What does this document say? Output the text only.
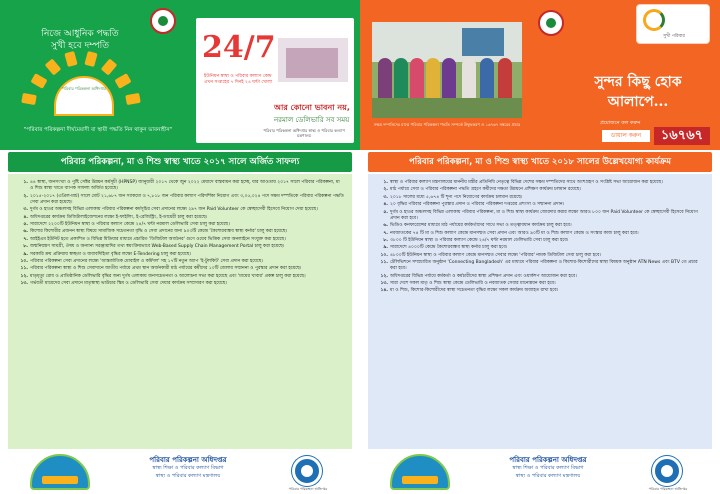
নিজে আধুনিক পদ্ধতি
সুখী হবে দম্পতি
পরিবার পরিকল্পনা অধিদপ্তর
"পরিবার পরিকল্পনা দীর্ঘমেয়াদী বা স্থায়ী পদ্ধতি নিন থাকুন ভাবনাহীন"
24/7
ইউনিয়ন স্বাস্থ্য ও পরিবার কল্যাণ কেন্দ্র এখন সপ্তাহের ৭ দিনই ২৪ ঘন্টা খোলা
আর কোনো ভাবনা নয়,
নরমাল ডেলিভারি সব সময়
পরিবার পরিকল্পনা অধিদপ্তর স্বাস্থ্য ও পরিবার কল্যাণ মন্ত্রণালয়
পরিবার পরিকল্পনা, মা ও শিশু স্বাস্থ্য খাতে ২০১৭ সালে অর্জিত সাফল্য
১. ৪৪ স্বাস্থ্য, জনসংখ্যা ও পুষ্টি সেক্টর উন্নয়ন কর্মসূচী (HPNSP) জানুয়ারী ২০১৭ থেকে জুন ২০২২ মেয়াদে বাস্তবায়ন করা হচ্ছে, যার আওতায় ২০১৭ সালে পরিবার পরিকল্পনা, মা ও শিশু স্বাস্থ্য খাতে ব্যাপক সাফল্য অর্জিত হয়েছে।
২. ২০১৫-২০১৭ (এপ্রিল-মার্চ) সালে মোট ২১,৬৮৭ জন স্যাকমো ও ৭,৮১৮ জন পরিবার কল্যাণ পরিদর্শিকা নিয়োগ এবং ৩,০৫,০২৪ পদে সক্ষম দম্পতিকে পরিবার পরিকল্পনা পদ্ধতি সেবা প্রদান করা হয়েছে।
৩. দুর্গম ও হাওর অঞ্চলসহ বিভিন্ন এলাকায় পরিবার পরিকল্পনা কর্মসূচির সেবা প্রদানের লক্ষ্যে ২৯৭ জন Paid Volunteer কে স্বেচ্ছাসেবী হিসেবে নিয়োগ দেয়া হয়েছে।
৪. অধিদপ্তরের কার্যক্রম ডিজিটালাইজেশনের লক্ষ্যে ই-ফাইলিং, ই-রেজিস্ট্রিং, ই-ডায়েরী চালু করা হয়েছে।
৫. সারাদেশে ২২০০টি ইউনিয়ন স্বাস্থ্য ও পরিবার কল্যাণ কেন্দ্রে ২৪/৭ ঘন্টা নরমাল ডেলিভারি সেবা চালু করা হয়েছে।
৬. কিশোর কিশোরীর প্রজনন স্বাস্থ্য বিষয়ে সামাজিক সচেতনতা বৃদ্ধি ও সেবা প্রদানের জন্য ৯০৩টি কেন্দ্রে 'কৈশোরবান্ধব স্বাস্থ্য কর্নার' চালু করা হয়েছে।
৭. আইইএম ইউনিট হতে প্রকাশিত ও বিভিন্ন মিডিয়ার মাধ্যমে প্রচারিত 'ডিজিটাল অর্জনের' গুণে ওয়েব ভিত্তিক সেবা অনলাইনে সংযুক্ত করা হয়েছে।
৮. জন্মনিয়ন্ত্রণ সামগ্রী, ঔষধ ও অন্যান্য সরঞ্জামাদির তথ্য স্বয়ংক্রিয়ভাবে Web-Based Supply Chain Management Portal চালু করা হয়েছে।
৯. সরকারি ক্রয় প্রক্রিয়ায় স্বচ্ছতা ও জবাবদিহিতা বৃদ্ধির লক্ষ্যে E-Tendering চালু করা হয়েছে।
১০. পরিবার পরিকল্পনা সেবা প্রদানের লক্ষ্যে 'আন্তর্জাতিক মোবাইল ও কর্মিদল' সহ ১৭টি নতুন অ্যাপ 'ই-টুলকিট' সেবা প্রদান করা হয়েছে।
১১. পরিবার পরিকল্পনা স্বাস্থ্য ও শিশু সেবাদানে জাতীয় পর্যায়ে প্রথম স্থান অর্জনকারী মাঠ পর্যায়ের কর্মীদের ১০টি জেলায় সম্মাননা ও পুরস্কার প্রদান করা হয়েছে।
১২. মাতৃমৃত্যু রোধ ও প্রাতিষ্ঠানিক ডেলিভারি বৃদ্ধির জন্য দুর্গম এলাকায় জনসচেতনতা ও আলোচনা সভা করা হয়েছে এবং 'মায়ের খাবার' প্রকল্প চালু করা হয়েছে।
১৩. গর্ভবতী মায়েদের সেবা প্রদানে মাতৃস্বাস্থ্য ভাউচার স্কিম ও ডেলিভারি সেবা দেয়ার কার্যক্রম সম্প্রসারণ করা হয়েছে।
পরিবার পরিকল্পনা অধিদপ্তর
স্বাস্থ্য শিক্ষা ও পরিবার কল্যাণ বিভাগ
স্বাস্থ্য ও পরিবার কল্যাণ মন্ত্রণালয়
পরিবার পরিকল্পনা অধিদপ্তর
সক্ষম দম্পতিদের মাঝে পরিবার পরিকল্পনা পদ্ধতি সম্পর্কে উদ্বুদ্ধকরণ ও ১৬৭৬৭ নম্বরের প্রচার
সুখী পরিবার
সুন্দর কিছু হোক
আলাপে...
প্রয়োজনে কল করুন
ডায়াল করুন	১৬৭৬৭
পরিবার পরিকল্পনা, মা ও শিশু স্বাস্থ্য খাতে ২০১৮ সালের উল্লেখযোগ্য কার্যক্রম
১. স্বাস্থ্য ও পরিবার কল্যাণ মন্ত্রণালয়ের মাননীয় মন্ত্রীর প্রতিনিধি নেতৃত্বে বিভিন্ন দেশের সক্ষম দম্পতিদের সাথে অংশগ্রহণ ও সংশ্লিষ্ট সভা আয়োজন করা হয়েছে।
২. মাঠ পর্যায়ে সেবা ও পরিবার পরিকল্পনা পদ্ধতি গ্রহণে কর্মীদের দক্ষতা উন্নয়নে প্রশিক্ষণ কার্যক্রম চলমান রয়েছে।
৩. ২০১৮ সালের মধ্যে ৫,৬৭৪ টি শূন্য পদে নিয়োগের কার্যক্রম চলমান রয়েছে।
৪. ২০ বৃদ্ধির পরিবার পরিকল্পনা পুরস্কার প্রদান ও পরিবার পরিকল্পনা দপ্তরের প্রশংসা ও সম্মাননা প্রদান।
৫. দুর্গম ও হাওর অঞ্চলসহ বিভিন্ন এলাকায় পরিবার পরিকল্পনা, মা ও শিশু স্বাস্থ্য কার্যক্রম জোরদার করার লক্ষ্যে আরও ৮০০ জন Paid Volunteer কে স্বেচ্ছাসেবী হিসেবে নিয়োগ প্রদান করা হবে।
৬. ভিডিও কনফারেন্সের মাধ্যমে মাঠ পর্যায়ের কর্মকর্তাদের সাথে সভা ও তত্ত্বাবধান কার্যক্রম চালু করা হবে।
৭. নবজাতকের ৭৪ টি মা ও শিশু কল্যাণ কেন্দ্রে মানসম্মত সেবা প্রদান এবং আরও ৯০টি মা ও শিশু কল্যাণ কেন্দ্রে ও সংস্কার কাজ চালু করা হবে।
৮. ৩৮০০ টি ইউনিয়ন স্বাস্থ্য ও পরিবার কল্যাণ কেন্দ্রে ২৪/৭ ঘন্টা নরমাল ডেলিভারি সেবা চালু করা হবে।
৯. সারাদেশে ৪০০০টি কেন্দ্রে কৈশোরবান্ধব স্বাস্থ্য কর্নার চালু করা হবে।
১০. ৪৮০০টি ইউনিয়ন স্বাস্থ্য ও পরিবার কল্যাণ কেন্দ্রে মানসম্মত সেবার লক্ষ্যে 'পরিবার' নামক ডিজিটাল সেবা চালু করা হবে।
১১. টেলিভিশনে সম্প্রচারিত অনুষ্ঠান 'Connecting Bangladesh' এর মাধ্যমে পরিবার পরিকল্পনা ও কিশোর-কিশোরীদের স্বাস্থ্য বিষয়ক অনুষ্ঠান ATN News এবং BTV তে প্রচার করা হবে।
১২. অধিদপ্তরের বিভিন্ন পর্যায়ে কর্মকর্তা ও কর্মচারীদের স্বাস্থ্য প্রশিক্ষণ প্রদান এবং ওয়ার্কশপ আয়োজন করা হবে।
১৩. সারা দেশে সকল মাতৃ ও শিশু স্বাস্থ্য কেন্দ্রে ডেলিভারি ও নবজাতক সেবার মানোন্নয়ন করা হবে।
১৪. মা ও শিশু, কিশোর-কিশোরীদের স্বাস্থ্য সচেতনতা বৃদ্ধির লক্ষ্যে সকল কার্যক্রম অব্যাহত রাখা হবে।
পরিবার পরিকল্পনা অধিদপ্তর
স্বাস্থ্য শিক্ষা ও পরিবার কল্যাণ বিভাগ
স্বাস্থ্য ও পরিবার কল্যাণ মন্ত্রণালয়
পরিবার পরিকল্পনা অধিদপ্তর
